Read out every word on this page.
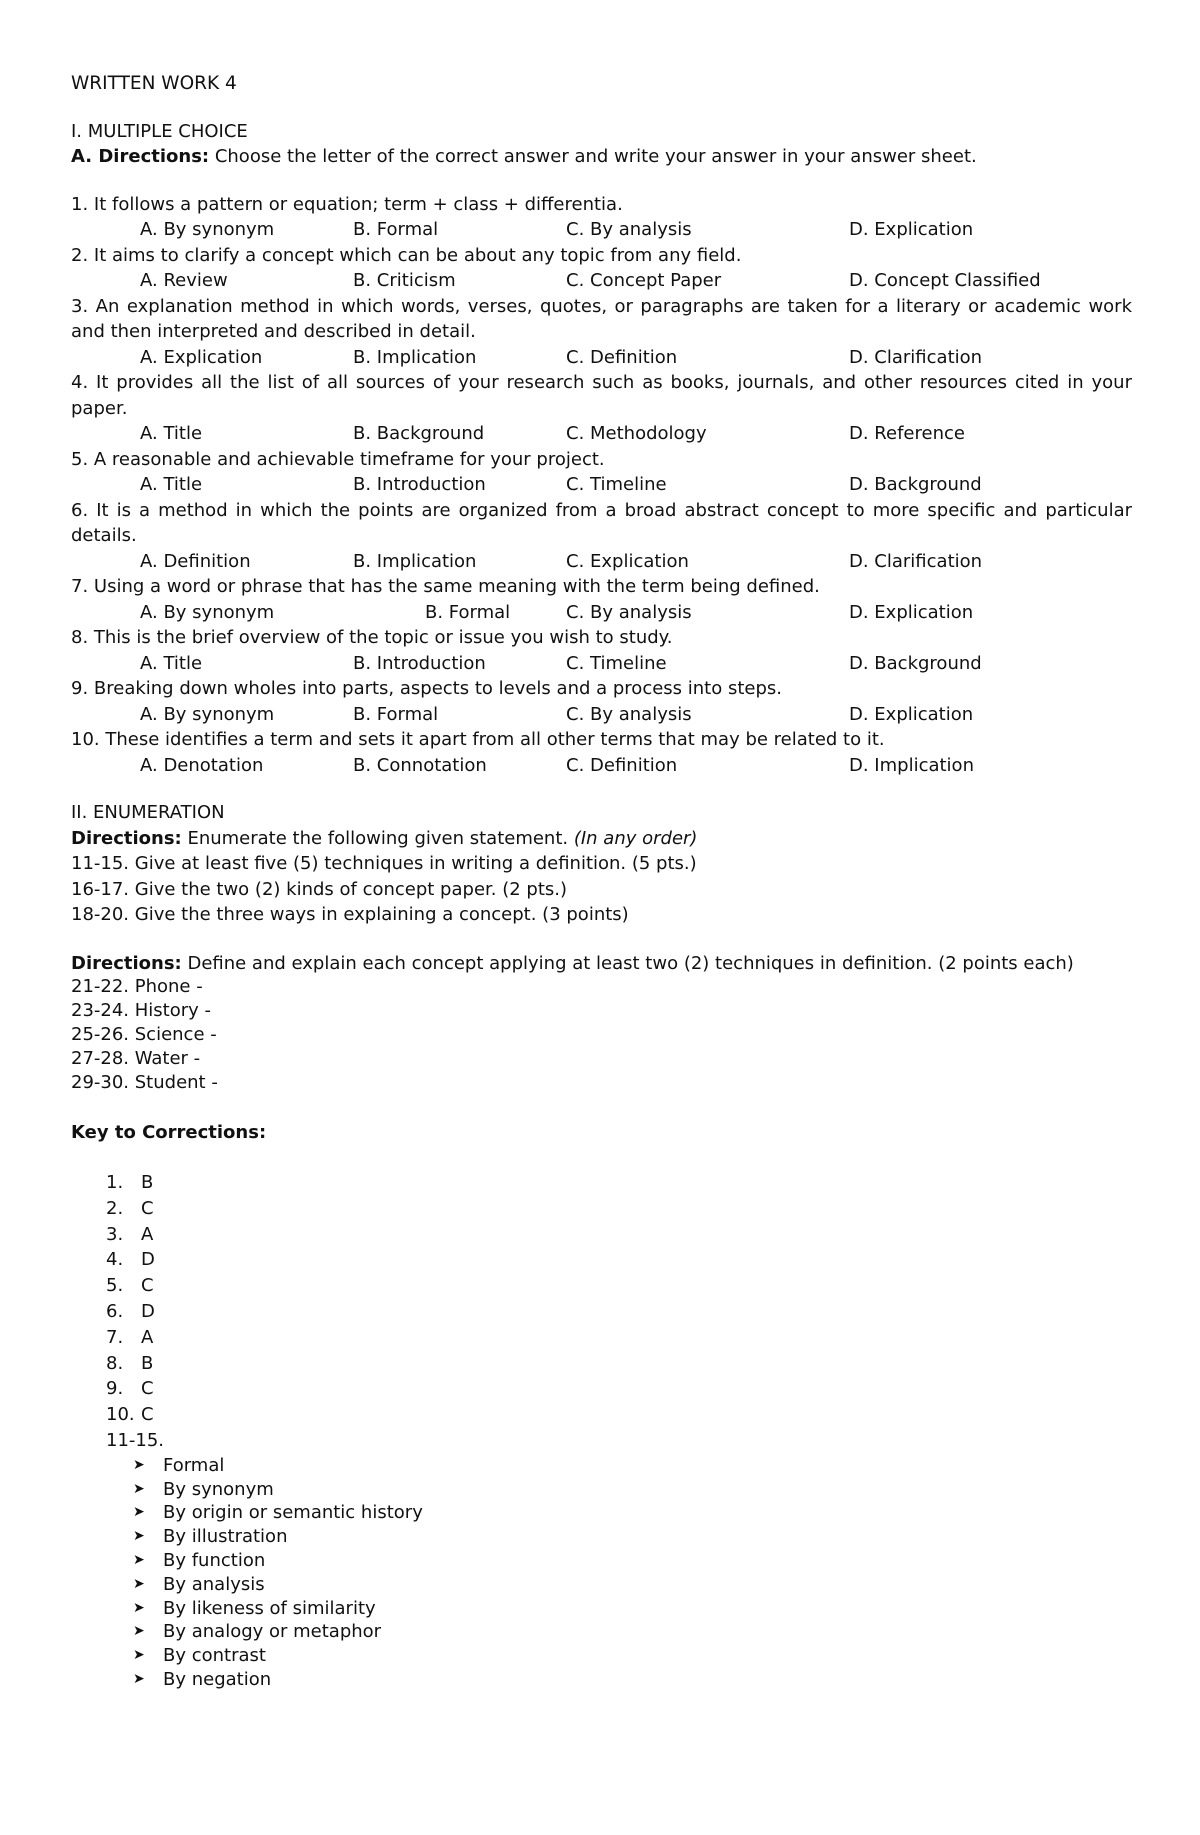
WRITTEN WORK 4
I. MULTIPLE CHOICE

A. Directions: Choose the letter of the correct answer and write your answer in your answer sheet.

1. It follows a pattern or equation; term + class + differentia.

A. By synonym	B. Formal	C. By analysis	D. Explication

2. It aims to clarify a concept which can be about any topic from any field.

A. Review	B. Criticism	C. Concept Paper	D. Concept Classified

3. An explanation method in which words, verses, quotes, or paragraphs are taken for a literary or academic work and then interpreted and described in detail.

A. Explication	B. Implication	C. Definition	D. Clarification

4. It provides all the list of all sources of your research such as books, journals, and other resources cited in your paper.

A. Title	B. Background	C. Methodology	D. Reference

5. A reasonable and achievable timeframe for your project.

A. Title	B. Introduction	C. Timeline	D. Background

6. It is a method in which the points are organized from a broad abstract concept to more specific and particular details.

A. Definition	B. Implication	C. Explication	D. Clarification

7. Using a word or phrase that has the same meaning with the term being defined.

A. By synonym	B. Formal	C. By analysis	D. Explication

8. This is the brief overview of the topic or issue you wish to study.

A. Title	B. Introduction	C. Timeline	D. Background

9. Breaking down wholes into parts, aspects to levels and a process into steps.

A. By synonym	B. Formal	C. By analysis	D. Explication

10. These identifies a term and sets it apart from all other terms that may be related to it.

A. Denotation	B. Connotation	C. Definition	D. Implication
II. ENUMERATION

Directions: Enumerate the following given statement. (In any order)

11-15. Give at least five (5) techniques in writing a definition. (5 pts.)

16-17. Give the two (2) kinds of concept paper. (2 pts.)

18-20. Give the three ways in explaining a concept. (3 points)

Directions: Define and explain each concept applying at least two (2) techniques in definition. (2 points each)

21-22. Phone -
23-24. History -
25-26. Science -
27-28. Water -
29-30. Student -
Key to Corrections:
1. B
2. C
3. A
4. D
5. C
6. D
7. A
8. B
9. C
10. C
11-15.
➤	Formal
➤	By synonym
➤	By origin or semantic history
➤	By illustration
➤	By function
➤	By analysis
➤	By likeness of similarity
➤	By analogy or metaphor
➤	By contrast
➤	By negation
